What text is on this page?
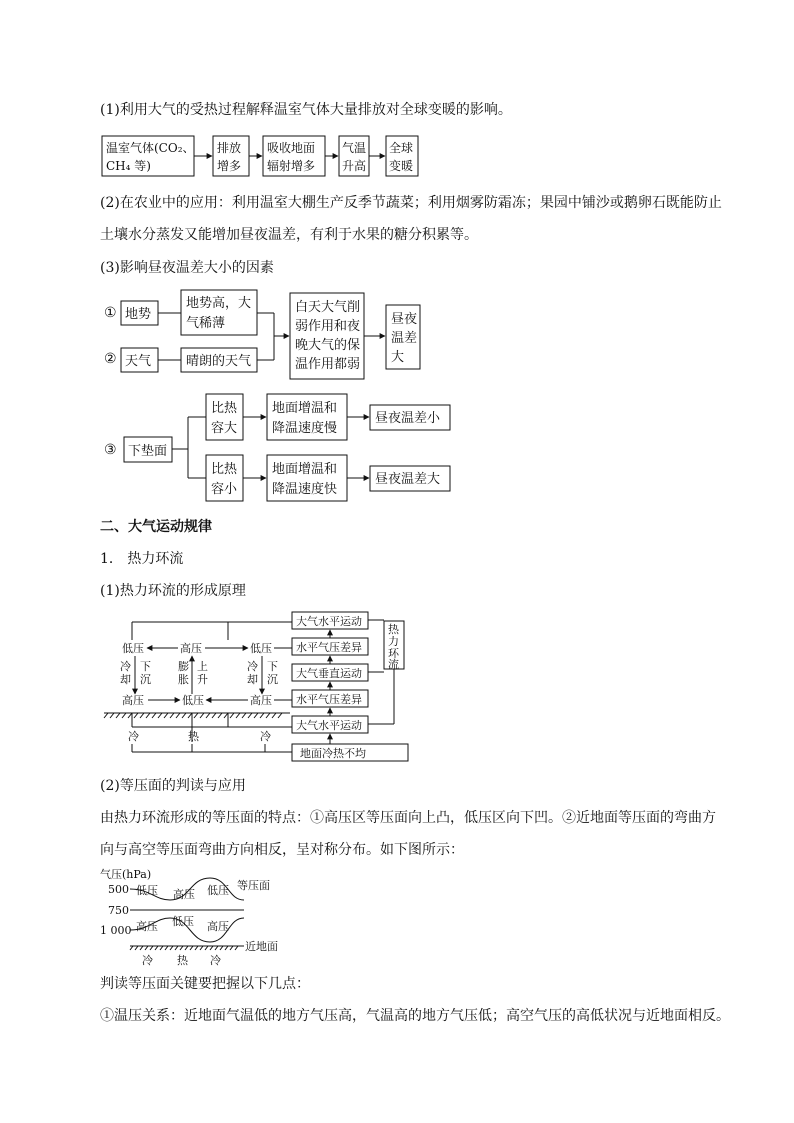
(1)利用大气的受热过程解释温室气体大量排放对全球变暖的影响。
温室气体(CO₂、
CH₄ 等)
排放
增多
吸收地面
辐射增多
气温
升高
全球
变暖
① 地势
地势高，大
气稀薄
② 天气	晴朗的天气
白天大气削
弱作用和夜
晚大气的保
温作用都弱
昼夜
温差
大
③ 下垫面
比热
容大
地面增温和
降温速度慢
昼夜温差小
比热
容小
地面增温和
降温速度快
昼夜温差大
低压	高压	低压
冷
却
下
沉
膨
胀
上
升
冷
却
下
沉
高压	低压	高压
冷	热	冷
大气水平运动
水平气压差异
大气垂直运动
水平气压差异
大气水平运动
地面冷热不均
热
力
环
流
气压(hPa)
500
750
1 000
低压 高压 低压 等压面
高压 低压 高压
近地面
冷 热 冷
(2)在农业中的应用：利用温室大棚生产反季节蔬菜；利用烟雾防霜冻；果园中铺沙或鹅卵石既能防止
土壤水分蒸发又能增加昼夜温差，有利于水果的糖分积累等。
(3)影响昼夜温差大小的因素
二、大气运动规律
1． 热力环流
(1)热力环流的形成原理
(2)等压面的判读与应用
由热力环流形成的等压面的特点：①高压区等压面向上凸，低压区向下凹。②近地面等压面的弯曲方
向与高空等压面弯曲方向相反，呈对称分布。如下图所示：
判读等压面关键要把握以下几点：
①温压关系：近地面气温低的地方气压高，气温高的地方气压低；高空气压的高低状况与近地面相反。
